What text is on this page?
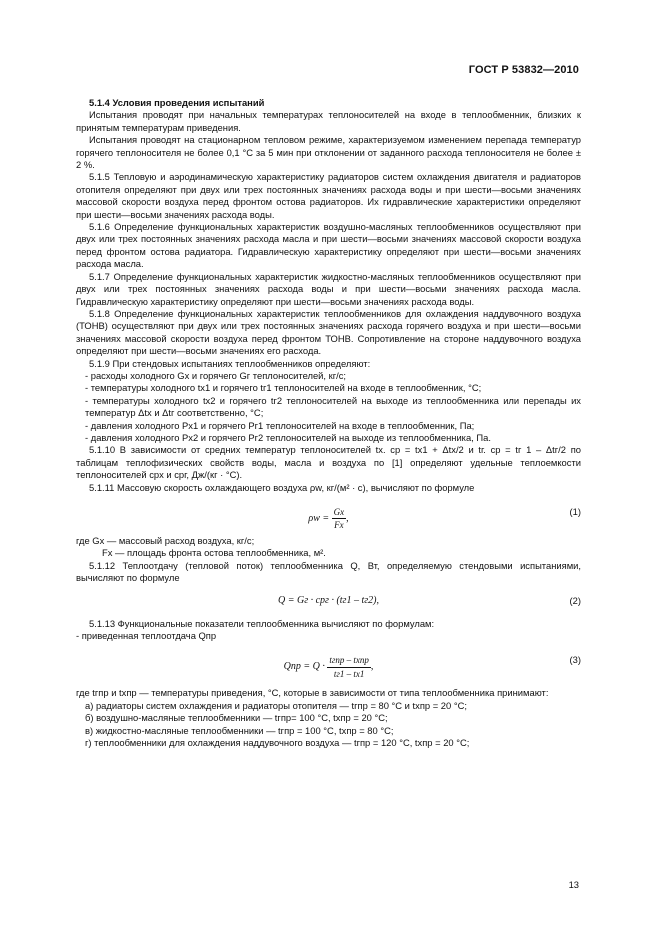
ГОСТ Р 53832—2010

5.1.4 Условия проведения испытаний

Испытания проводят при начальных температурах теплоносителей на входе в теплообменник, близких к принятым температурам приведения.

Испытания проводят на стационарном тепловом режиме, характеризуемом изменением перепада температур горячего теплоносителя не более 0,1 °С за 5 мин при отклонении от заданного расхода теплоносителя не более ± 2 %.

5.1.5 Тепловую и аэродинамическую характеристику радиаторов систем охлаждения двигателя и радиаторов отопителя определяют при двух или трех постоянных значениях расхода воды и при шести—восьми значениях массовой скорости воздуха перед фронтом остова радиаторов. Их гидравлические характеристики определяют при шести—восьми значениях расхода воды.

5.1.6 Определение функциональных характеристик воздушно-масляных теплообменников осуществляют при двух или трех постоянных значениях расхода масла и при шести—восьми значениях массовой скорости воздуха перед фронтом остова радиатора. Гидравлическую характеристику определяют при шести—восьми значениях расхода масла.

5.1.7 Определение функциональных характеристик жидкостно-масляных теплообменников осуществляют при двух или трех постоянных значениях расхода воды и при шести—восьми значениях расхода масла. Гидравлическую характеристику определяют при шести—восьми значениях расхода воды.

5.1.8 Определение функциональных характеристик теплообменников для охлаждения наддувочного воздуха (ТОНВ) осуществляют при двух или трех постоянных значениях расхода горячего воздуха и при шести—восьми значениях массовой скорости воздуха перед фронтом ТОНВ. Сопротивление на стороне наддувочного воздуха определяют при шести—восьми значениях его расхода.

5.1.9 При стендовых испытаниях теплообменников определяют:

- расходы холодного Gx и горячего Gг теплоносителей, кг/с;

- температуры холодного tx1 и горячего tг1 теплоносителей на входе в теплообменник, °С;

- температуры холодного tx2 и горячего tг2 теплоносителей на выходе из теплообменника или перепады их температур Δtx и Δtг соответственно, °С;

- давления холодного Px1 и горячего Pг1 теплоносителей на входе в теплообменник, Па;

- давления холодного Px2 и горячего Pг2 теплоносителей на выходе из теплообменника, Па.

5.1.10 В зависимости от средних температур теплоносителей tx. ср = tx1 + Δtx/2 и tг. ср = tг 1 – Δtг/2 по таблицам теплофизических свойств воды, масла и воздуха по [1] определяют удельные теплоемкости теплоносителей cрx и cрг, Дж/(кг · °С).

5.1.11 Массовую скорость охлаждающего воздуха ρw, кг/(м² · с), вычисляют по формуле

$\rho w = \frac{Gx}{Fx}$ ,
(1)

где Gx — массовый расход воздуха, кг/с;

Fx — площадь фронта остова теплообменника, м².

5.1.12 Теплоотдачу (тепловой поток) теплообменника Q, Вт, определяемую стендовыми испытаниями, вычисляют по формуле

Q = Gг · cрг · (tг1 – tг2),	(2)

5.1.13 Функциональные показатели теплообменника вычисляют по формулам:

- приведенная теплоотдача Qпр

Qпр = $Q \cdot \frac{\text{tгпр – tхпр}}{tг1 - tх1}$ ,
(3)

где tгпр и tхпр — температуры приведения, °С, которые в зависимости от типа теплообменника принимают:

а) радиаторы систем охлаждения и радиаторы отопителя — tгпр = 80 °С и tхпр = 20 °С;

б) воздушно-масляные теплообменники — tгпр= 100 °С, tхпр = 20 °С;

в) жидкостно-масляные теплообменники — tгпр = 100 °С, tхпр = 80 °С;

г) теплообменники для охлаждения наддувочного воздуха — tгпр = 120 °С, tхпр = 20 °С;

13
